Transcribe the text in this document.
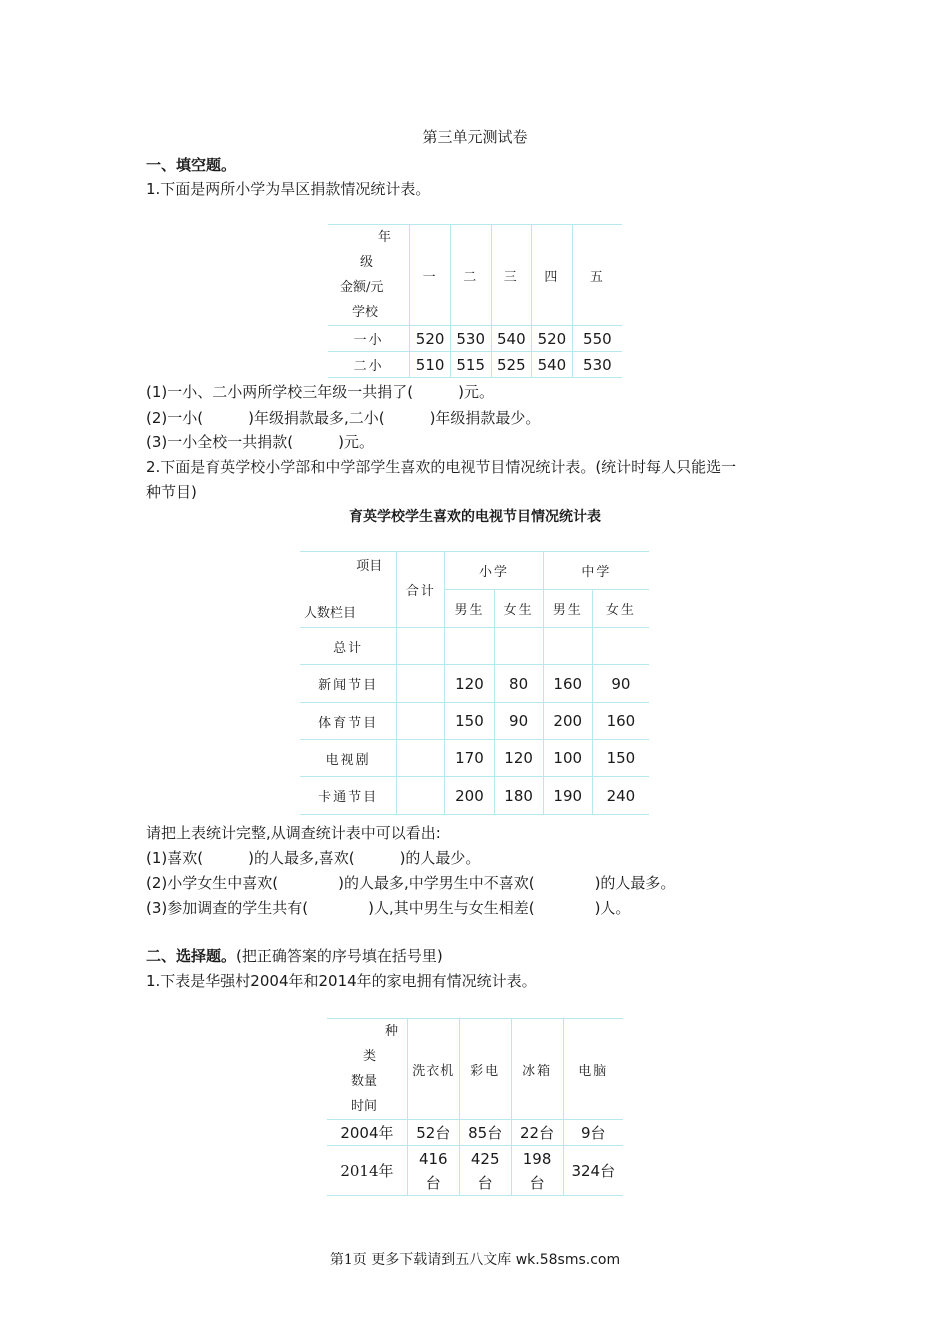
第三单元测试卷
一、填空题。
1.下面是两所小学为旱区捐款情况统计表。
年
级
金额/元
学校	一	二	三	四	五
一小	520	530	540	520	550
二小	510	515	525	540	530
(1)一小、二小两所学校三年级一共捐了(　　　)元。
(2)一小(　　　)年级捐款最多,二小(　　　)年级捐款最少。
(3)一小全校一共捐款(　　　)元。
2.下面是育英学校小学部和中学部学生喜欢的电视节目情况统计表。(统计时每人只能选一
种节目)
育英学校学生喜欢的电视节目情况统计表
项目
人数栏目	合计	小学		中学	
		男生	女生	男生	女生
总计					
新闻节目		120	80	160	90
体育节目		150	90	200	160
电视剧		170	120	100	150
卡通节目		200	180	190	240
请把上表统计完整,从调查统计表中可以看出:
(1)喜欢(　　　)的人最多,喜欢(　　　)的人最少。
(2)小学女生中喜欢(　　　　)的人最多,中学男生中不喜欢(　　　　)的人最多。
(3)参加调查的学生共有(　　　　)人,其中男生与女生相差(　　　　)人。
二、选择题。(把正确答案的序号填在括号里)
1.下表是华强村2004年和2014年的家电拥有情况统计表。
种
类
数量
时间	洗衣机	彩电	冰箱	电脑
2004年	52台	85台	22台	9台
2014年	416台	425台	198台	324台
第1页 更多下载请到五八文库 wk.58sms.com
